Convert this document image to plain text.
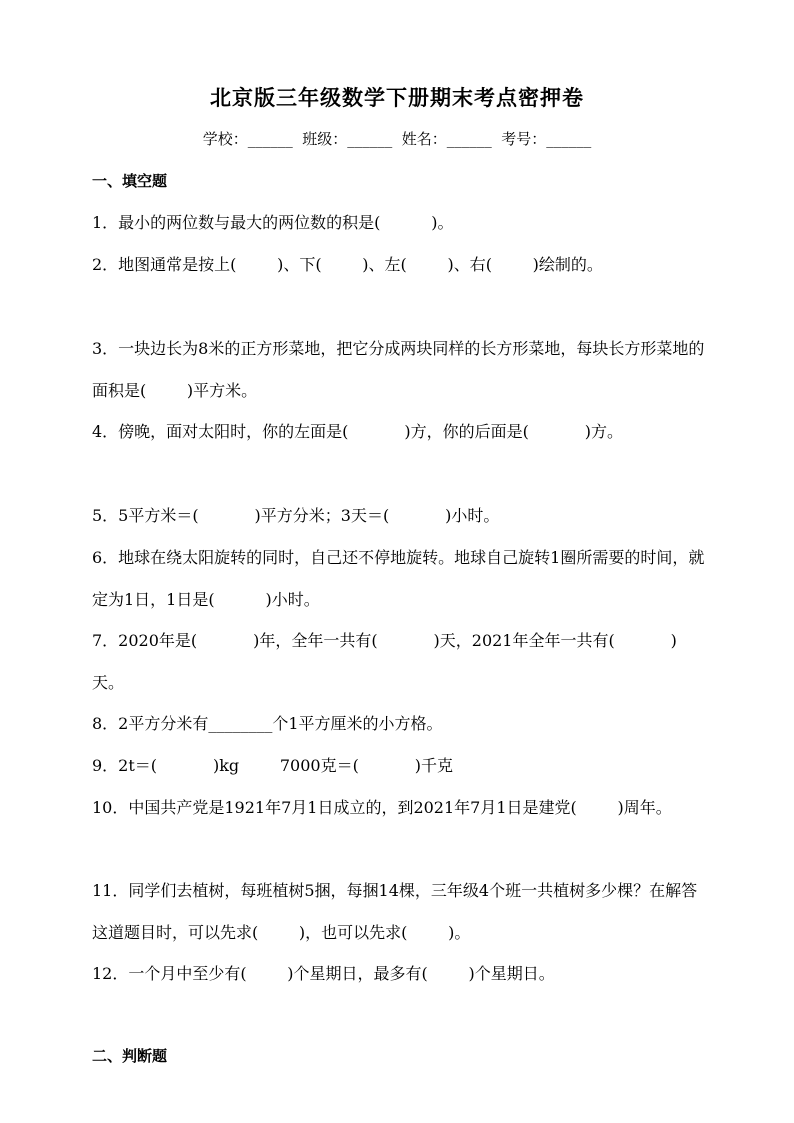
北京版三年级数学下册期末考点密押卷
学校：______  班级：______  姓名：______  考号：______
一、填空题

1．最小的两位数与最大的两位数的积是(          )。

2．地图通常是按上(        )、下(        )、左(        )、右(        )绘制的。

3．一块边长为8米的正方形菜地，把它分成两块同样的长方形菜地，每块长方形菜地的面积是(        )平方米。

4．傍晚，面对太阳时，你的左面是(           )方，你的后面是(           )方。

5．5平方米＝(           )平方分米；3天＝(           )小时。

6．地球在绕太阳旋转的同时，自己还不停地旋转。地球自己旋转1圈所需要的时间，就定为1日，1日是(          )小时。

7．2020年是(           )年，全年一共有(           )天，2021年全年一共有(           )天。

8．2平方分米有________个1平方厘米的小方格。

9．2t＝(           )kg        7000克＝(           )千克

10．中国共产党是1921年7月1日成立的，到2021年7月1日是建党(        )周年。

11．同学们去植树，每班植树5捆，每捆14棵，三年级4个班一共植树多少棵？在解答这道题目时，可以先求(        )，也可以先求(        )。

12．一个月中至少有(        )个星期日，最多有(        )个星期日。

二、判断题
